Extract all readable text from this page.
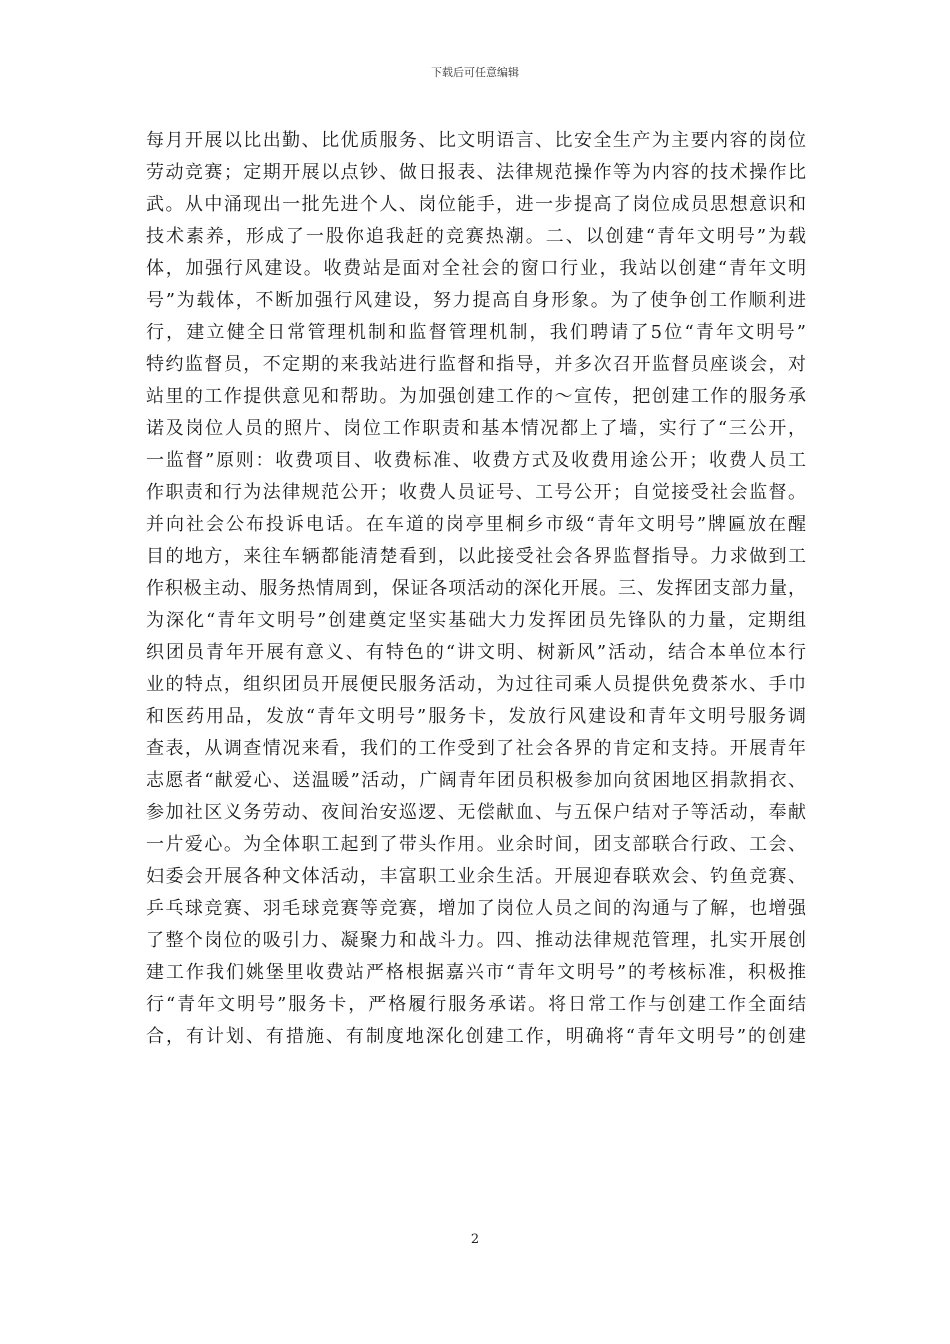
下载后可任意编辑
每月开展以比出勤、比优质服务、比文明语言、比安全生产为主要内容的岗位
劳动竞赛；定期开展以点钞、做日报表、法律规范操作等为内容的技术操作比
武。从中涌现出一批先进个人、岗位能手，进一步提高了岗位成员思想意识和
技术素养，形成了一股你追我赶的竞赛热潮。二、以创建“青年文明号”为载
体，加强行风建设。收费站是面对全社会的窗口行业，我站以创建“青年文明
号”为载体，不断加强行风建设，努力提高自身形象。为了使争创工作顺利进
行，建立健全日常管理机制和监督管理机制，我们聘请了5位“青年文明号”
特约监督员，不定期的来我站进行监督和指导，并多次召开监督员座谈会，对
站里的工作提供意见和帮助。为加强创建工作的～宣传，把创建工作的服务承
诺及岗位人员的照片、岗位工作职责和基本情况都上了墙，实行了“三公开，
一监督”原则：收费项目、收费标准、收费方式及收费用途公开；收费人员工
作职责和行为法律规范公开；收费人员证号、工号公开；自觉接受社会监督。
并向社会公布投诉电话。在车道的岗亭里桐乡市级“青年文明号”牌匾放在醒
目的地方，来往车辆都能清楚看到，以此接受社会各界监督指导。力求做到工
作积极主动、服务热情周到，保证各项活动的深化开展。三、发挥团支部力量，
为深化“青年文明号”创建奠定坚实基础大力发挥团员先锋队的力量，定期组
织团员青年开展有意义、有特色的“讲文明、树新风”活动，结合本单位本行
业的特点，组织团员开展便民服务活动，为过往司乘人员提供免费茶水、手巾
和医药用品，发放“青年文明号”服务卡，发放行风建设和青年文明号服务调
查表，从调查情况来看，我们的工作受到了社会各界的肯定和支持。开展青年
志愿者“献爱心、送温暖”活动，广阔青年团员积极参加向贫困地区捐款捐衣、
参加社区义务劳动、夜间治安巡逻、无偿献血、与五保户结对子等活动，奉献
一片爱心。为全体职工起到了带头作用。业余时间，团支部联合行政、工会、
妇委会开展各种文体活动，丰富职工业余生活。开展迎春联欢会、钓鱼竞赛、
乒乓球竞赛、羽毛球竞赛等竞赛，增加了岗位人员之间的沟通与了解，也增强
了整个岗位的吸引力、凝聚力和战斗力。四、推动法律规范管理，扎实开展创
建工作我们姚堡里收费站严格根据嘉兴市“青年文明号”的考核标准，积极推
行“青年文明号”服务卡，严格履行服务承诺。将日常工作与创建工作全面结
合，有计划、有措施、有制度地深化创建工作，明确将“青年文明号”的创建
2
